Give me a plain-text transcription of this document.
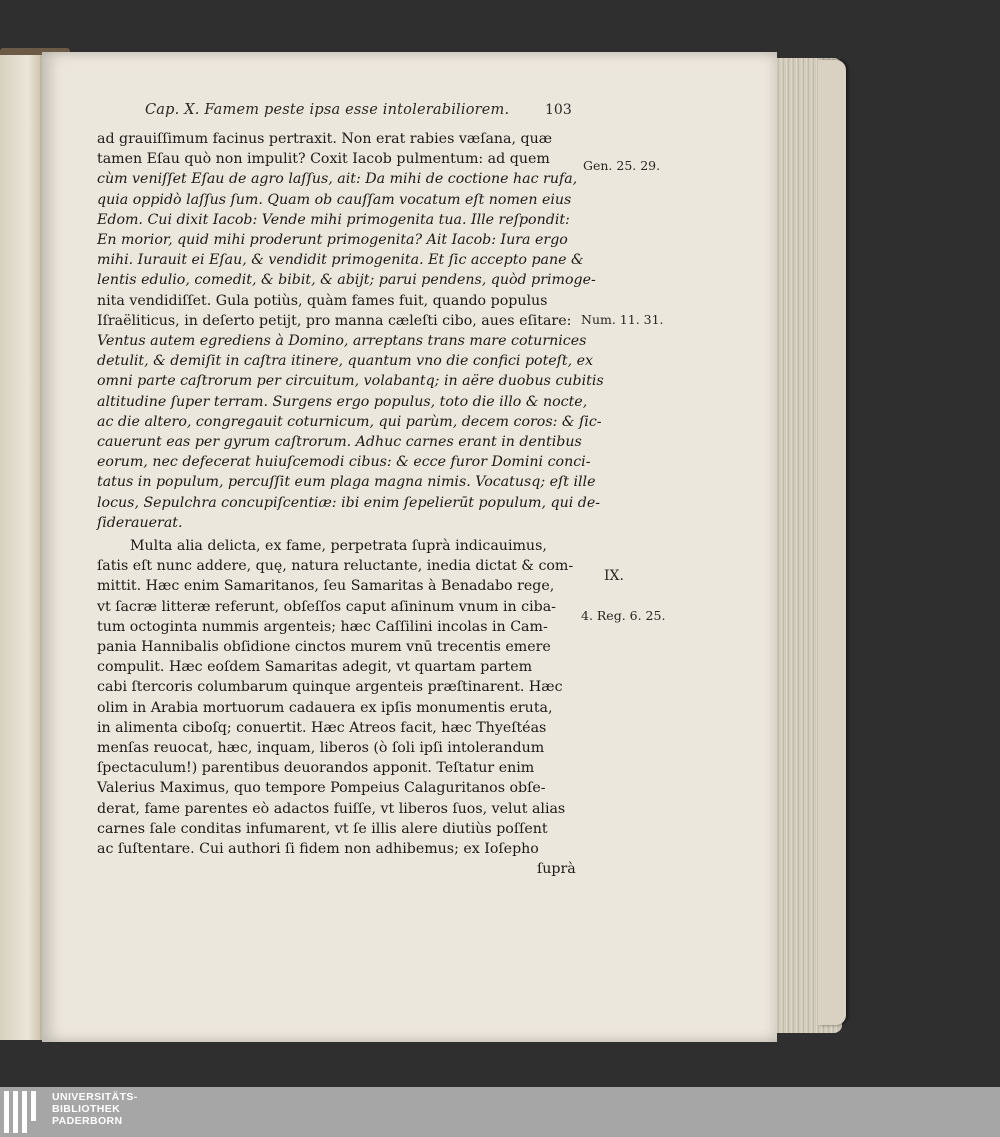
Cap. X. Famem peste ipsa esse intolerabiliorem.	103
ad grauiſſimum facinus pertraxit. Non erat rabies væſana, quæ
tamen Eſau quò non impulit? Coxit Iacob pulmentum: ad quem
cùm veniſſet Eſau de agro laſſus, ait: Da mihi de coctione hac rufa,
quia oppidò laſſus ſum. Quam ob cauſſam vocatum eſt nomen eius
Edom. Cui dixit Iacob: Vende mihi primogenita tua. Ille reſpondit:
En morior, quid mihi proderunt primogenita? Ait Iacob: Iura ergo
mihi. Iurauit ei Eſau, & vendidit primogenita. Et ſic accepto pane &
lentis edulio, comedit, & bibit, & abijt; parui pendens, quòd primoge-
nita vendidiſſet. Gula potiùs, quàm fames fuit, quando populus
Iſraëliticus, in deſerto petijt, pro manna cæleſti cibo, aues eſitare:
Ventus autem egrediens à Domino, arreptans trans mare coturnices
detulit, & demiſit in caſtra itinere, quantum vno die confici poteſt, ex
omni parte caſtrorum per circuitum, volabantq; in aëre duobus cubitis
altitudine ſuper terram. Surgens ergo populus, toto die illo & nocte,
ac die altero, congregauit coturnicum, qui parùm, decem coros: & ſic-
cauerunt eas per gyrum caſtrorum. Adhuc carnes erant in dentibus
eorum, nec defecerat huiuſcemodi cibus: & ecce furor Domini conci-
tatus in populum, percuſſit eum plaga magna nimis. Vocatusq; eſt ille
locus, Sepulchra concupiſcentiæ: ibi enim ſepelierūt populum, qui de-
ſiderauerat.
Multa alia delicta, ex fame, perpetrata ſuprà indicauimus,
ſatis eſt nunc addere, quę, natura reluctante, inedia dictat & com-
mittit. Hæc enim Samaritanos, ſeu Samaritas à Benadabo rege,
vt ſacræ litteræ referunt, obſeſſos caput aſininum vnum in ciba-
tum octoginta nummis argenteis; hæc Caſſilini incolas in Cam-
pania Hannibalis obſidione cinctos murem vnū trecentis emere
compulit. Hæc eoſdem Samaritas adegit, vt quartam partem
cabi ſtercoris columbarum quinque argenteis præſtinarent. Hæc
olim in Arabia mortuorum cadauera ex ipſis monumentis eruta,
in alimenta ciboſq; conuertit. Hæc Atreos facit, hæc Thyeſtéas
menſas reuocat, hæc, inquam, liberos (ò ſoli ipſi intolerandum
ſpectaculum!) parentibus deuorandos apponit. Teſtatur enim
Valerius Maximus, quo tempore Pompeius Calaguritanos obſe-
derat, fame parentes eò adactos fuiſſe, vt liberos ſuos, velut alias
carnes ſale conditas infumarent, vt ſe illis alere diutiùs poſſent
ac ſuſtentare. Cui authori ſi fidem non adhibemus; ex Ioſepho
ſuprà
Gen. 25. 29.
Num. 11. 31.
IX.
4. Reg. 6. 25.
UNIVERSITÄTS-
BIBLIOTHEK
PADERBORN
